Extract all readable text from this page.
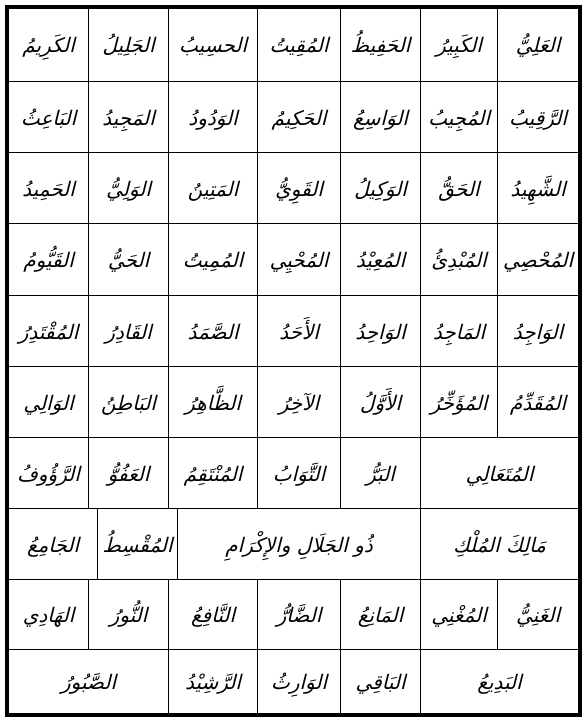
العَلِيُّ
الكَبِيرُ
الحَفِيظُ
المُقِيتُ
الحسِيبُ
الجَلِيلُ
الكَرِيمُ
الرَّقِيبُ
المُجِيبُ
الوَاسِعُ
الحَكِيمُ
الوَدُودُ
المَجِيدُ
البَاعِثُ
الشَّهِيدُ
الحَقُّ
الوَكِيلُ
القَوِيُّ
المَتِينُ
الوَلِيُّ
الحَمِيدُ
المُحْصِي
المُبْدِئُ
المُعِيْدُ
المُحْيِي
المُمِيتُ
الحَيُّ
القَيُّومُ
الوَاجِدُ
المَاجِدُ
الوَاحِدُ
الأَحَدُ
الصَّمَدُ
القَادِرُ
المُقْتَدِرُ
المُقَدِّمُ
المُؤَخِّرُ
الأَوَّلُ
الآخِرُ
الظَّاهِرُ
البَاطِنُ
الوَالِي
المُتَعَالِي
البَرُّ
التَّوَابُ
المُنْتَقِمُ
العَفُوُّ
الرَّؤُوفُ
مَالِكَ المُلْكِ
ذُو الجَلَالِ والإِكْرَامِ
المُقْسِطُ
الجَامِعُ
الغَنِيُّ
المُغْنِي
المَانِعُ
الضَّارُّ
النَّافِعُ
النُّورُ
الهَادِي
البَدِيعُ
البَاقِي
الوَارِثُ
الرَّشِيْدُ
الصَّبُورُ
